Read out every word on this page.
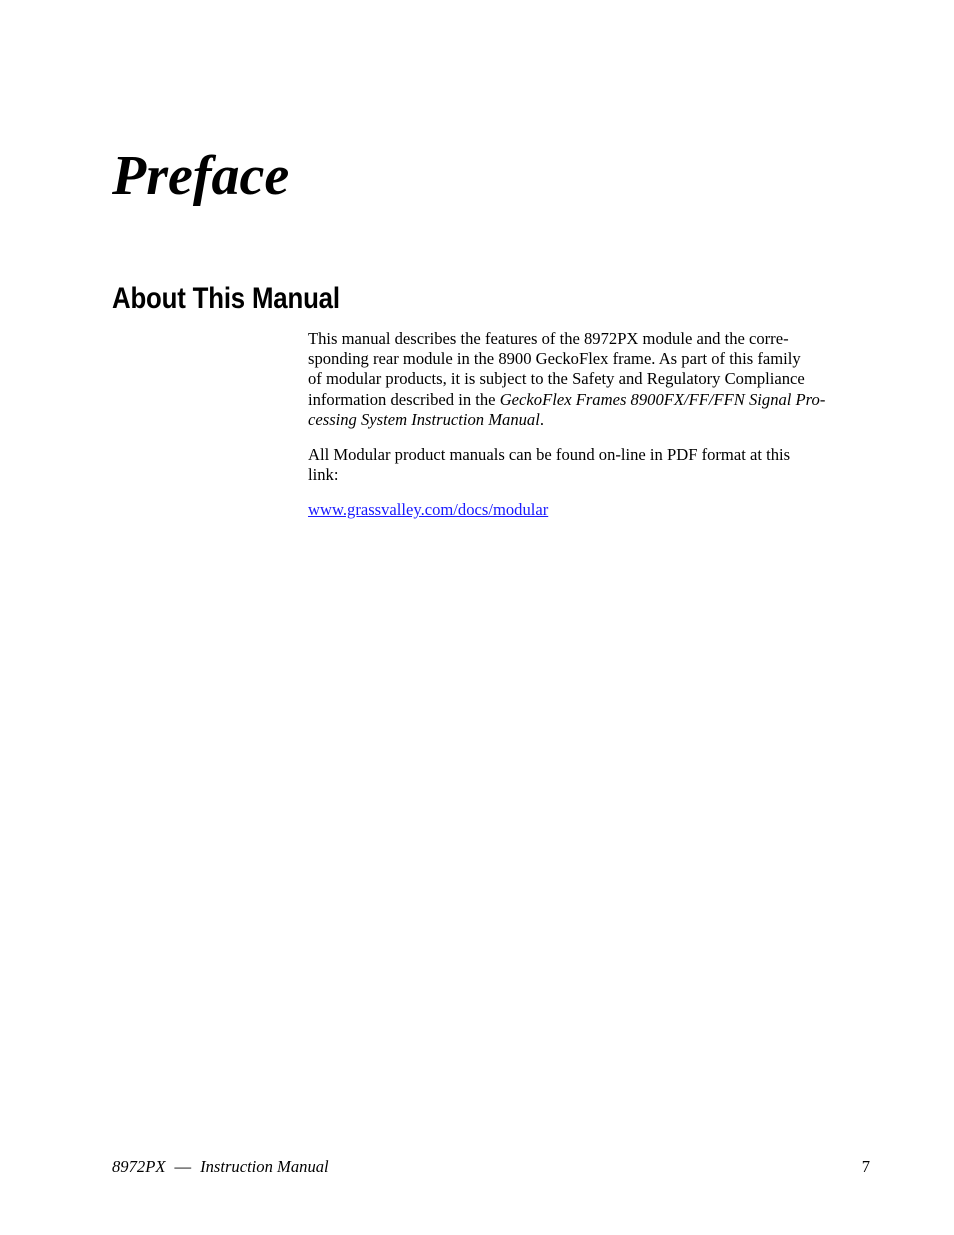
Preface
About This Manual

This manual describes the features of the 8972PX module and the corre-
sponding rear module in the 8900 GeckoFlex frame. As part of this family
of modular products, it is subject to the Safety and Regulatory Compliance
information described in the GeckoFlex Frames 8900FX/FF/FFN Signal Pro-
cessing System Instruction Manual.

All Modular product manuals can be found on-line in PDF format at this
link:

www.grassvalley.com/docs/modular

8972PX — Instruction Manual	7
